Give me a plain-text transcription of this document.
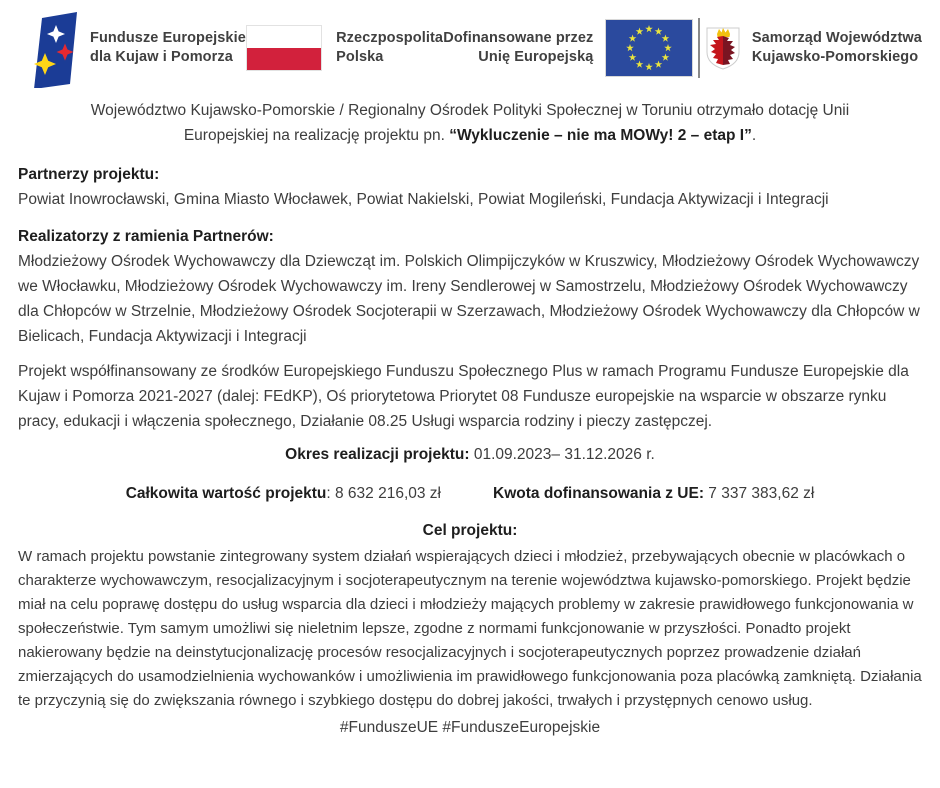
Fundusze Europejskie
dla Kujaw i Pomorza
Rzeczpospolita
Polska
Dofinansowane przez
Unię Europejską
Samorząd Województwa
Kujawsko-Pomorskiego

Województwo Kujawsko-Pomorskie / Regionalny Ośrodek Polityki Społecznej w Toruniu otrzymało dotację Unii Europejskiej na realizację projektu pn. “Wykluczenie – nie ma MOWy! 2 – etap I”.

Partnerzy projektu:

Powiat Inowrocławski, Gmina Miasto Włocławek, Powiat Nakielski, Powiat Mogileński, Fundacja Aktywizacji i Integracji

Realizatorzy z ramienia Partnerów:

Młodzieżowy Ośrodek Wychowawczy dla Dziewcząt im. Polskich Olimpijczyków w Kruszwicy, Młodzieżowy Ośrodek Wychowawczy we Włocławku, Młodzieżowy Ośrodek Wychowawczy im. Ireny Sendlerowej w Samostrzelu, Młodzieżowy Ośrodek Wychowawczy dla Chłopców w Strzelnie, Młodzieżowy Ośrodek Socjoterapii w Szerzawach, Młodzieżowy Ośrodek Wychowawczy dla Chłopców w Bielicach, Fundacja Aktywizacji i Integracji

Projekt współfinansowany ze środków Europejskiego Funduszu Społecznego Plus w ramach Programu Fundusze Europejskie dla Kujaw i Pomorza 2021-2027 (dalej: FEdKP), Oś priorytetowa Priorytet 08 Fundusze europejskie na wsparcie w obszarze rynku pracy, edukacji i włączenia społecznego, Działanie 08.25 Usługi wsparcia rodziny i pieczy zastępczej.

Okres realizacji projektu: 01.09.2023– 31.12.2026 r.

Całkowita wartość projektu: 8 632 216,03 zł	Kwota dofinansowania z UE: 7 337 383,62 zł

Cel projektu:

W ramach projektu powstanie zintegrowany system działań wspierających dzieci i młodzież, przebywających obecnie w placówkach o charakterze wychowawczym, resocjalizacyjnym i socjoterapeutycznym na terenie województwa kujawsko-pomorskiego. Projekt będzie miał na celu poprawę dostępu do usług wsparcia dla dzieci i młodzieży mających problemy w zakresie prawidłowego funkcjonowania w społeczeństwie. Tym samym umożliwi się nieletnim lepsze, zgodne z normami funkcjonowanie w przyszłości. Ponadto projekt nakierowany będzie na deinstytucjonalizację procesów resocjalizacyjnych i socjoterapeutycznych poprzez prowadzenie działań zmierzających do usamodzielnienia wychowanków i umożliwienia im prawidłowego funkcjonowania poza placówką zamkniętą. Działania te przyczynią się do zwiększania równego i szybkiego dostępu do dobrej jakości, trwałych i przystępnych cenowo usług.

#FunduszeUE #FunduszeEuropejskie
